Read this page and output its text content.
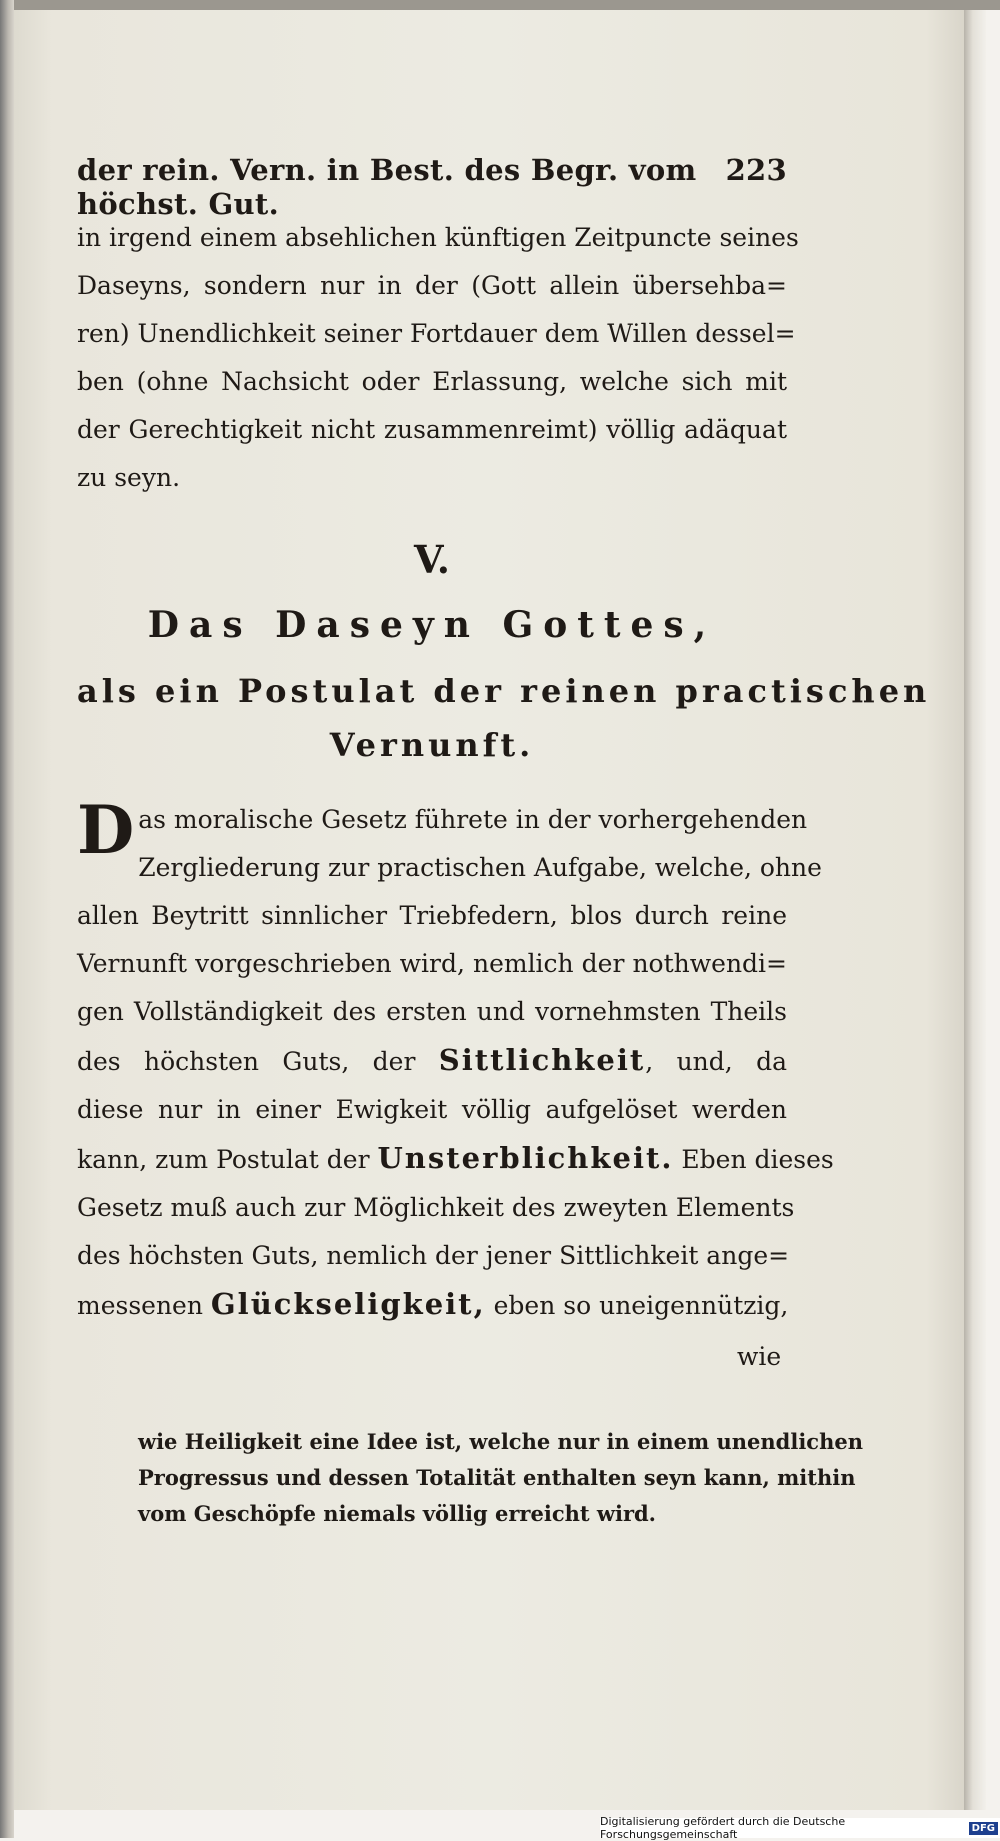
der rein. Vern. in Best. des Begr. vom höchst. Gut.
223
in irgend einem absehlichen künftigen Zeitpuncte seines
Daseyns, sondern nur in der (Gott allein übersehba=
ren) Unendlichkeit seiner Fortdauer dem Willen dessel=
ben (ohne Nachsicht oder Erlassung, welche sich mit
der Gerechtigkeit nicht zusammenreimt) völlig adäquat
zu seyn.
V.
Das Daseyn Gottes,
als ein Postulat der reinen practischen
Vernunft.
D as moralische Gesetz führete in der vorhergehenden
Zergliederung zur practischen Aufgabe, welche, ohne
allen Beytritt sinnlicher Triebfedern, blos durch reine
Vernunft vorgeschrieben wird, nemlich der nothwendi=
gen Vollständigkeit des ersten und vornehmsten Theils
des höchsten Guts, der Sittlichkeit, und, da
diese nur in einer Ewigkeit völlig aufgelöset werden
kann, zum Postulat der Unsterblichkeit. Eben dieses
Gesetz muß auch zur Möglichkeit des zweyten Elements
des höchsten Guts, nemlich der jener Sittlichkeit ange=
messenen Glückseligkeit, eben so uneigennützig,
wie
wie Heiligkeit eine Idee ist, welche nur in einem unendlichen
Progressus und dessen Totalität enthalten seyn kann, mithin
vom Geschöpfe niemals völlig erreicht wird.
Digitalisierung gefördert durch die Deutsche Forschungsgemeinschaft	DFG
